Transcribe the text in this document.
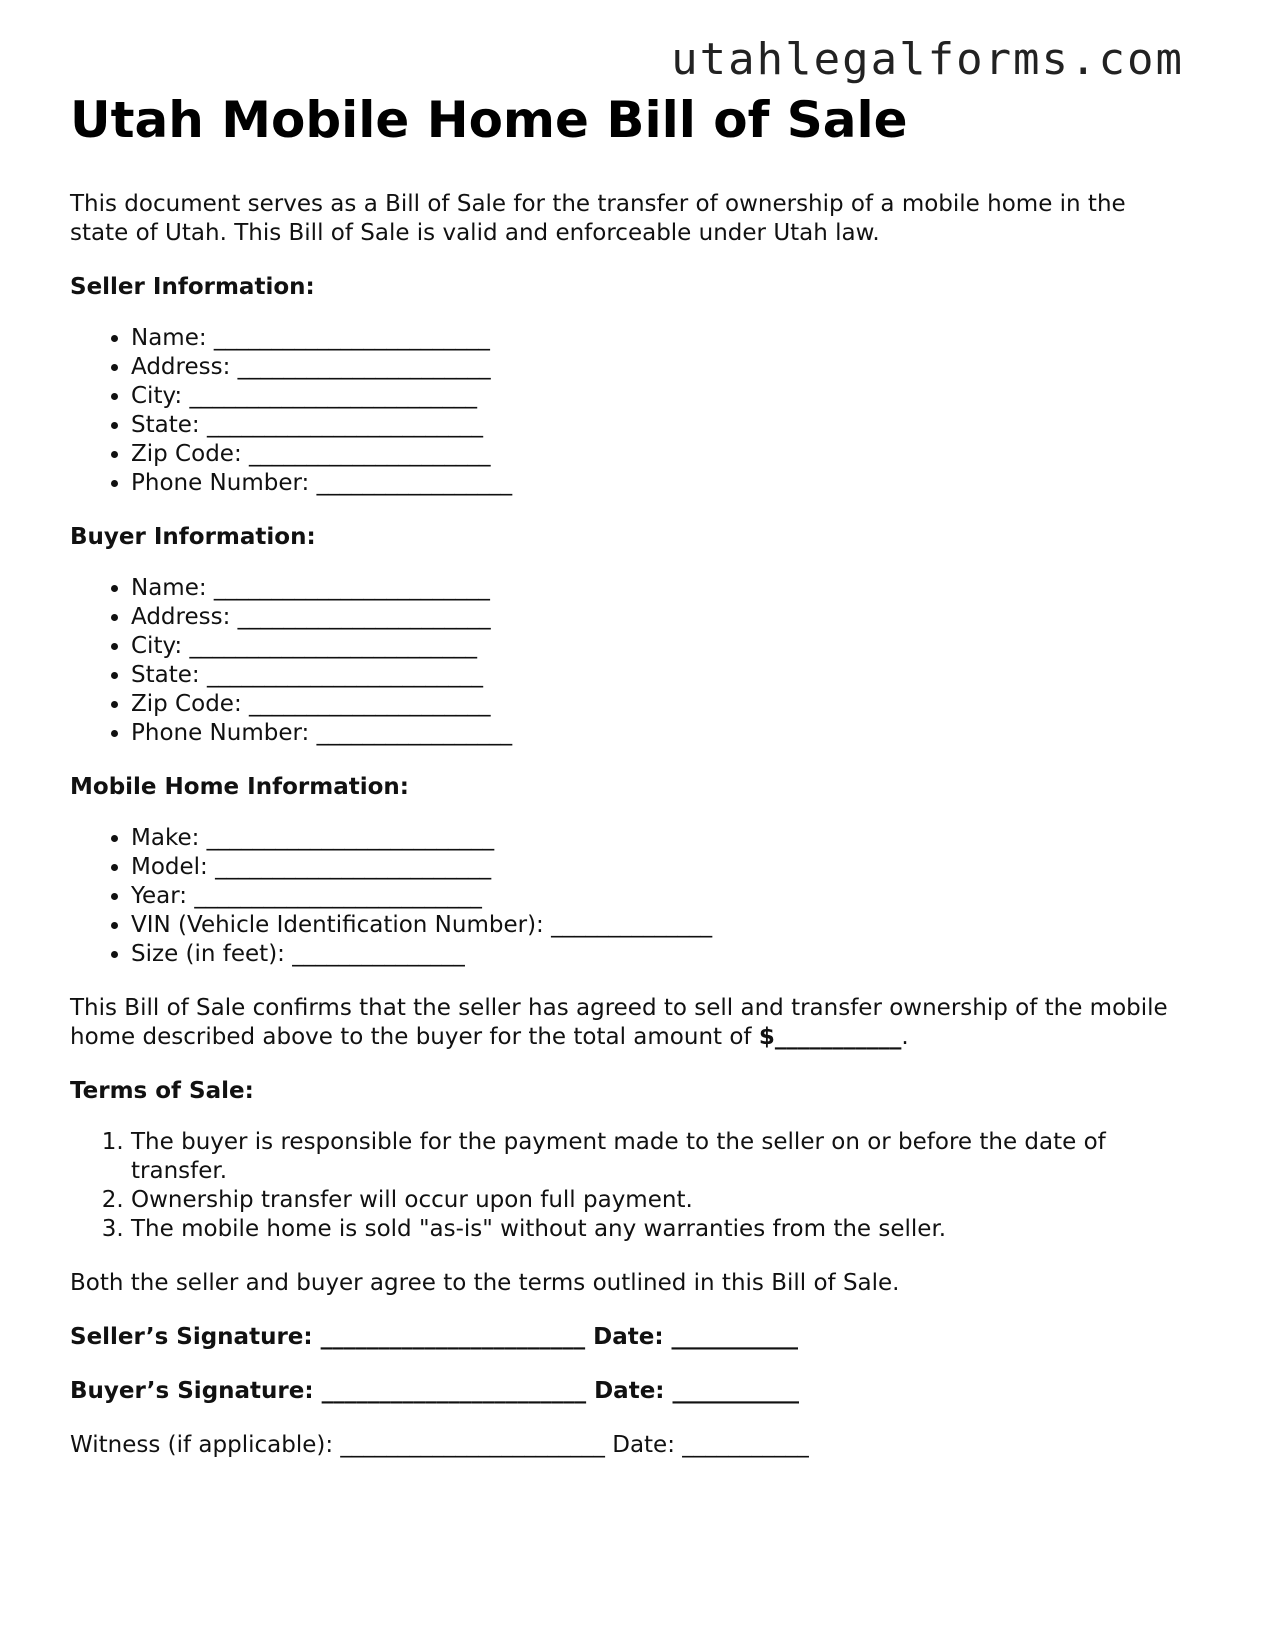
utahlegalforms.com
Utah Mobile Home Bill of Sale

This document serves as a Bill of Sale for the transfer of ownership of a mobile home in the state of Utah. This Bill of Sale is valid and enforceable under Utah law.

Seller Information:

• Name: ________________________
• Address: ______________________
• City: _________________________
• State: ________________________
• Zip Code: _____________________
• Phone Number: _________________

Buyer Information:

• Name: ________________________
• Address: ______________________
• City: _________________________
• State: ________________________
• Zip Code: _____________________
• Phone Number: _________________

Mobile Home Information:

• Make: _________________________
• Model: ________________________
• Year: _________________________
• VIN (Vehicle Identification Number): ______________
• Size (in feet): _______________

This Bill of Sale confirms that the seller has agreed to sell and transfer ownership of the mobile home described above to the buyer for the total amount of $___________.

Terms of Sale:

1. The buyer is responsible for the payment made to the seller on or before the date of transfer.
2. Ownership transfer will occur upon full payment.
3. The mobile home is sold "as-is" without any warranties from the seller.

Both the seller and buyer agree to the terms outlined in this Bill of Sale.

Seller’s Signature: _______________________ Date: ___________

Buyer’s Signature: _______________________ Date: ___________

Witness (if applicable): _______________________ Date: ___________
